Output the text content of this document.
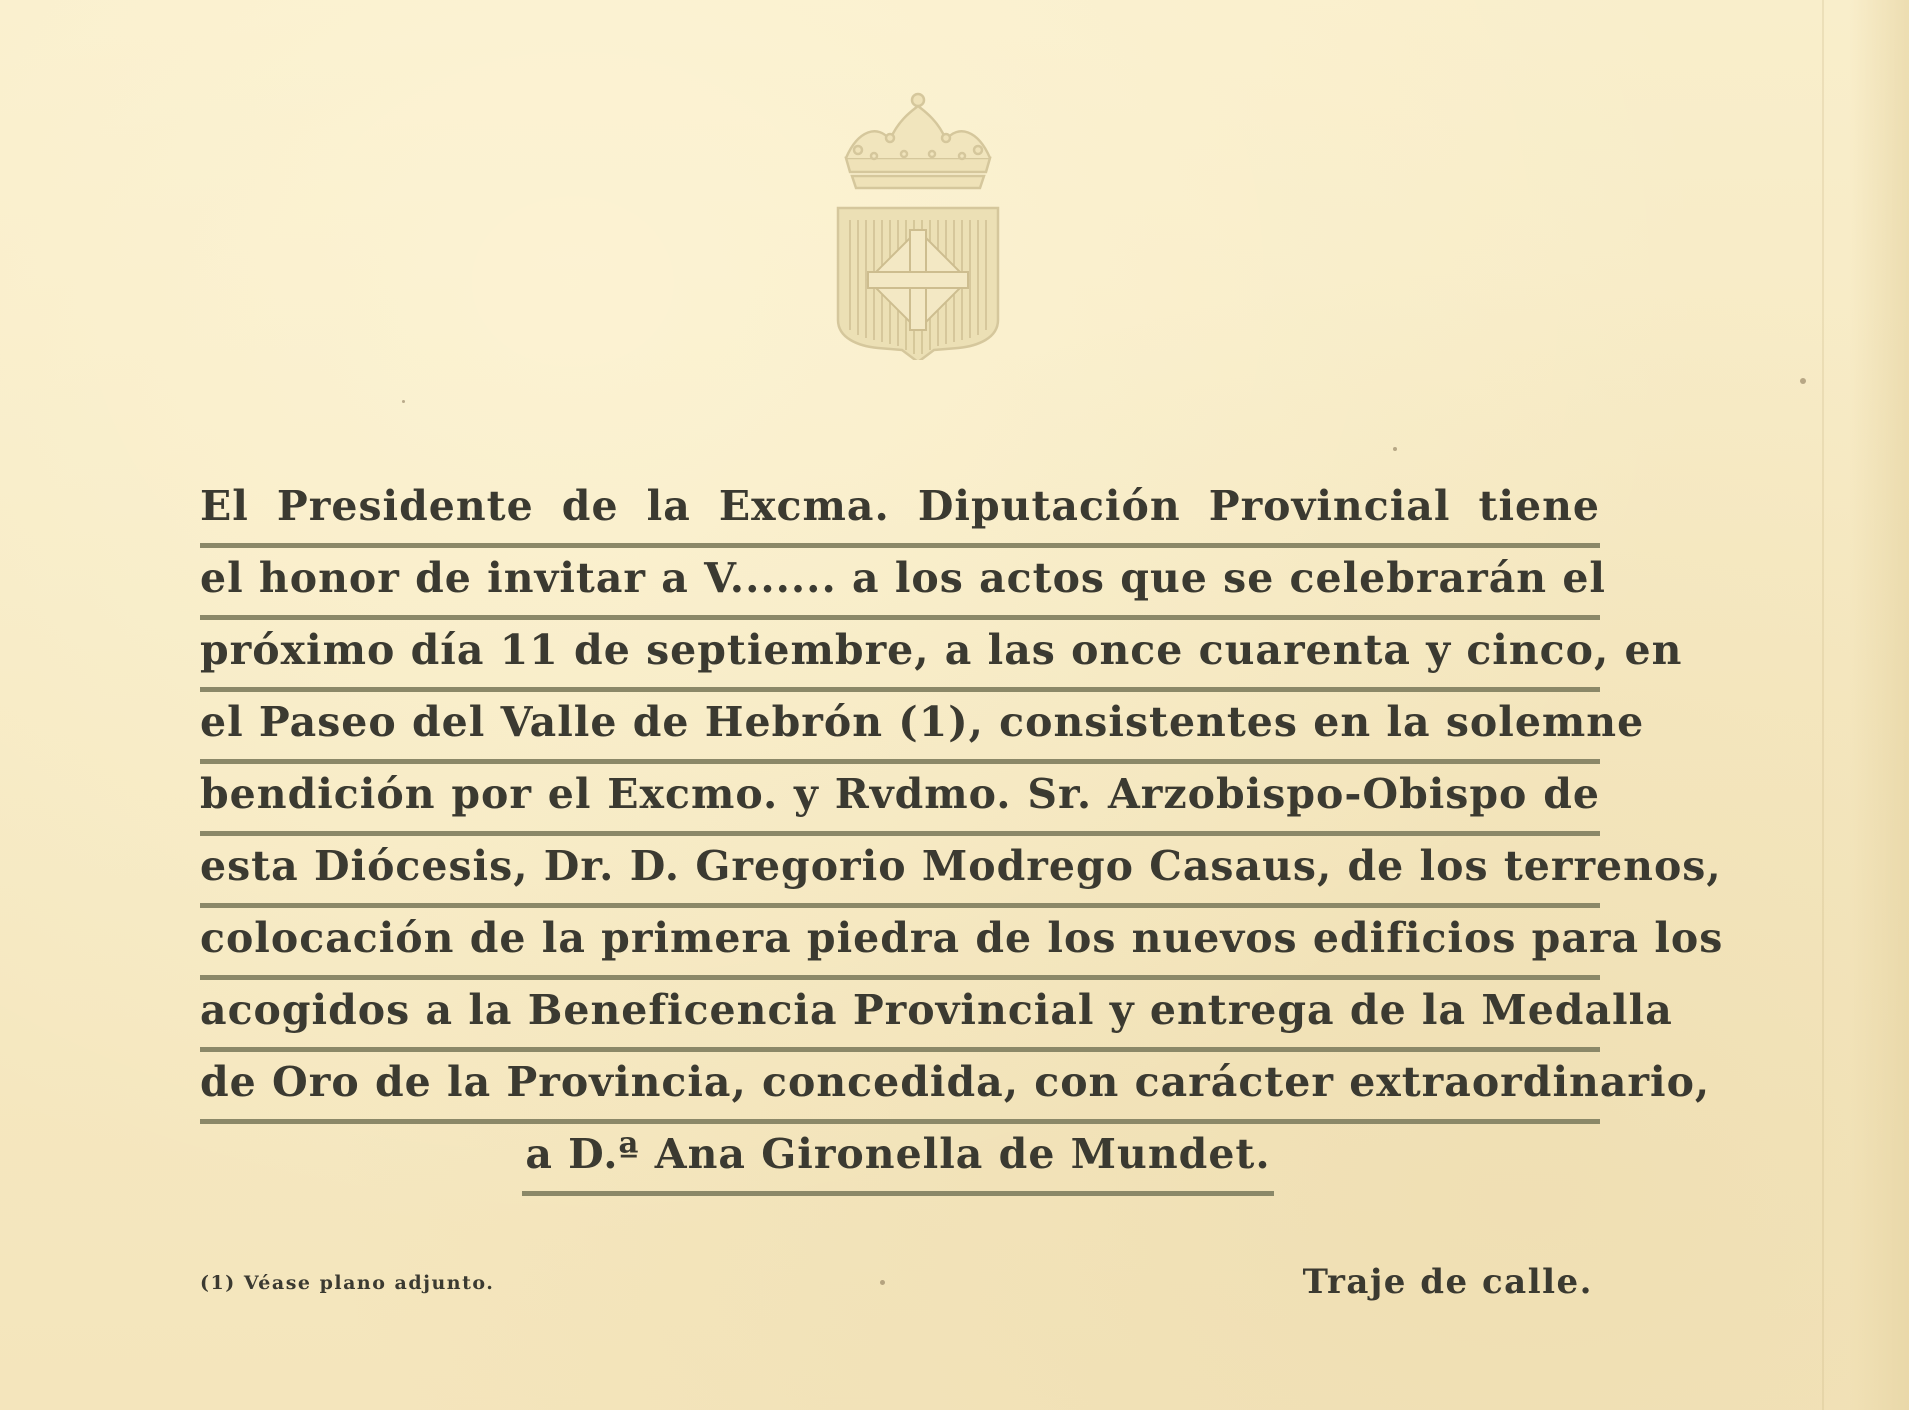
El Presidente de la Excma. Diputación Provincial tiene
el honor de invitar a V....... a los actos que se celebrarán el
próximo día 11 de septiembre, a las once cuarenta y cinco, en
el Paseo del Valle de Hebrón (1), consistentes en la solemne
bendición por el Excmo. y Rvdmo. Sr. Arzobispo-Obispo de
esta Diócesis, Dr. D. Gregorio Modrego Casaus, de los terrenos,
colocación de la primera piedra de los nuevos edificios para los
acogidos a la Beneficencia Provincial y entrega de la Medalla
de Oro de la Provincia, concedida, con carácter extraordinario,
a D.ª Ana Gironella de Mundet.
(1) Véase plano adjunto.	Traje de calle.
